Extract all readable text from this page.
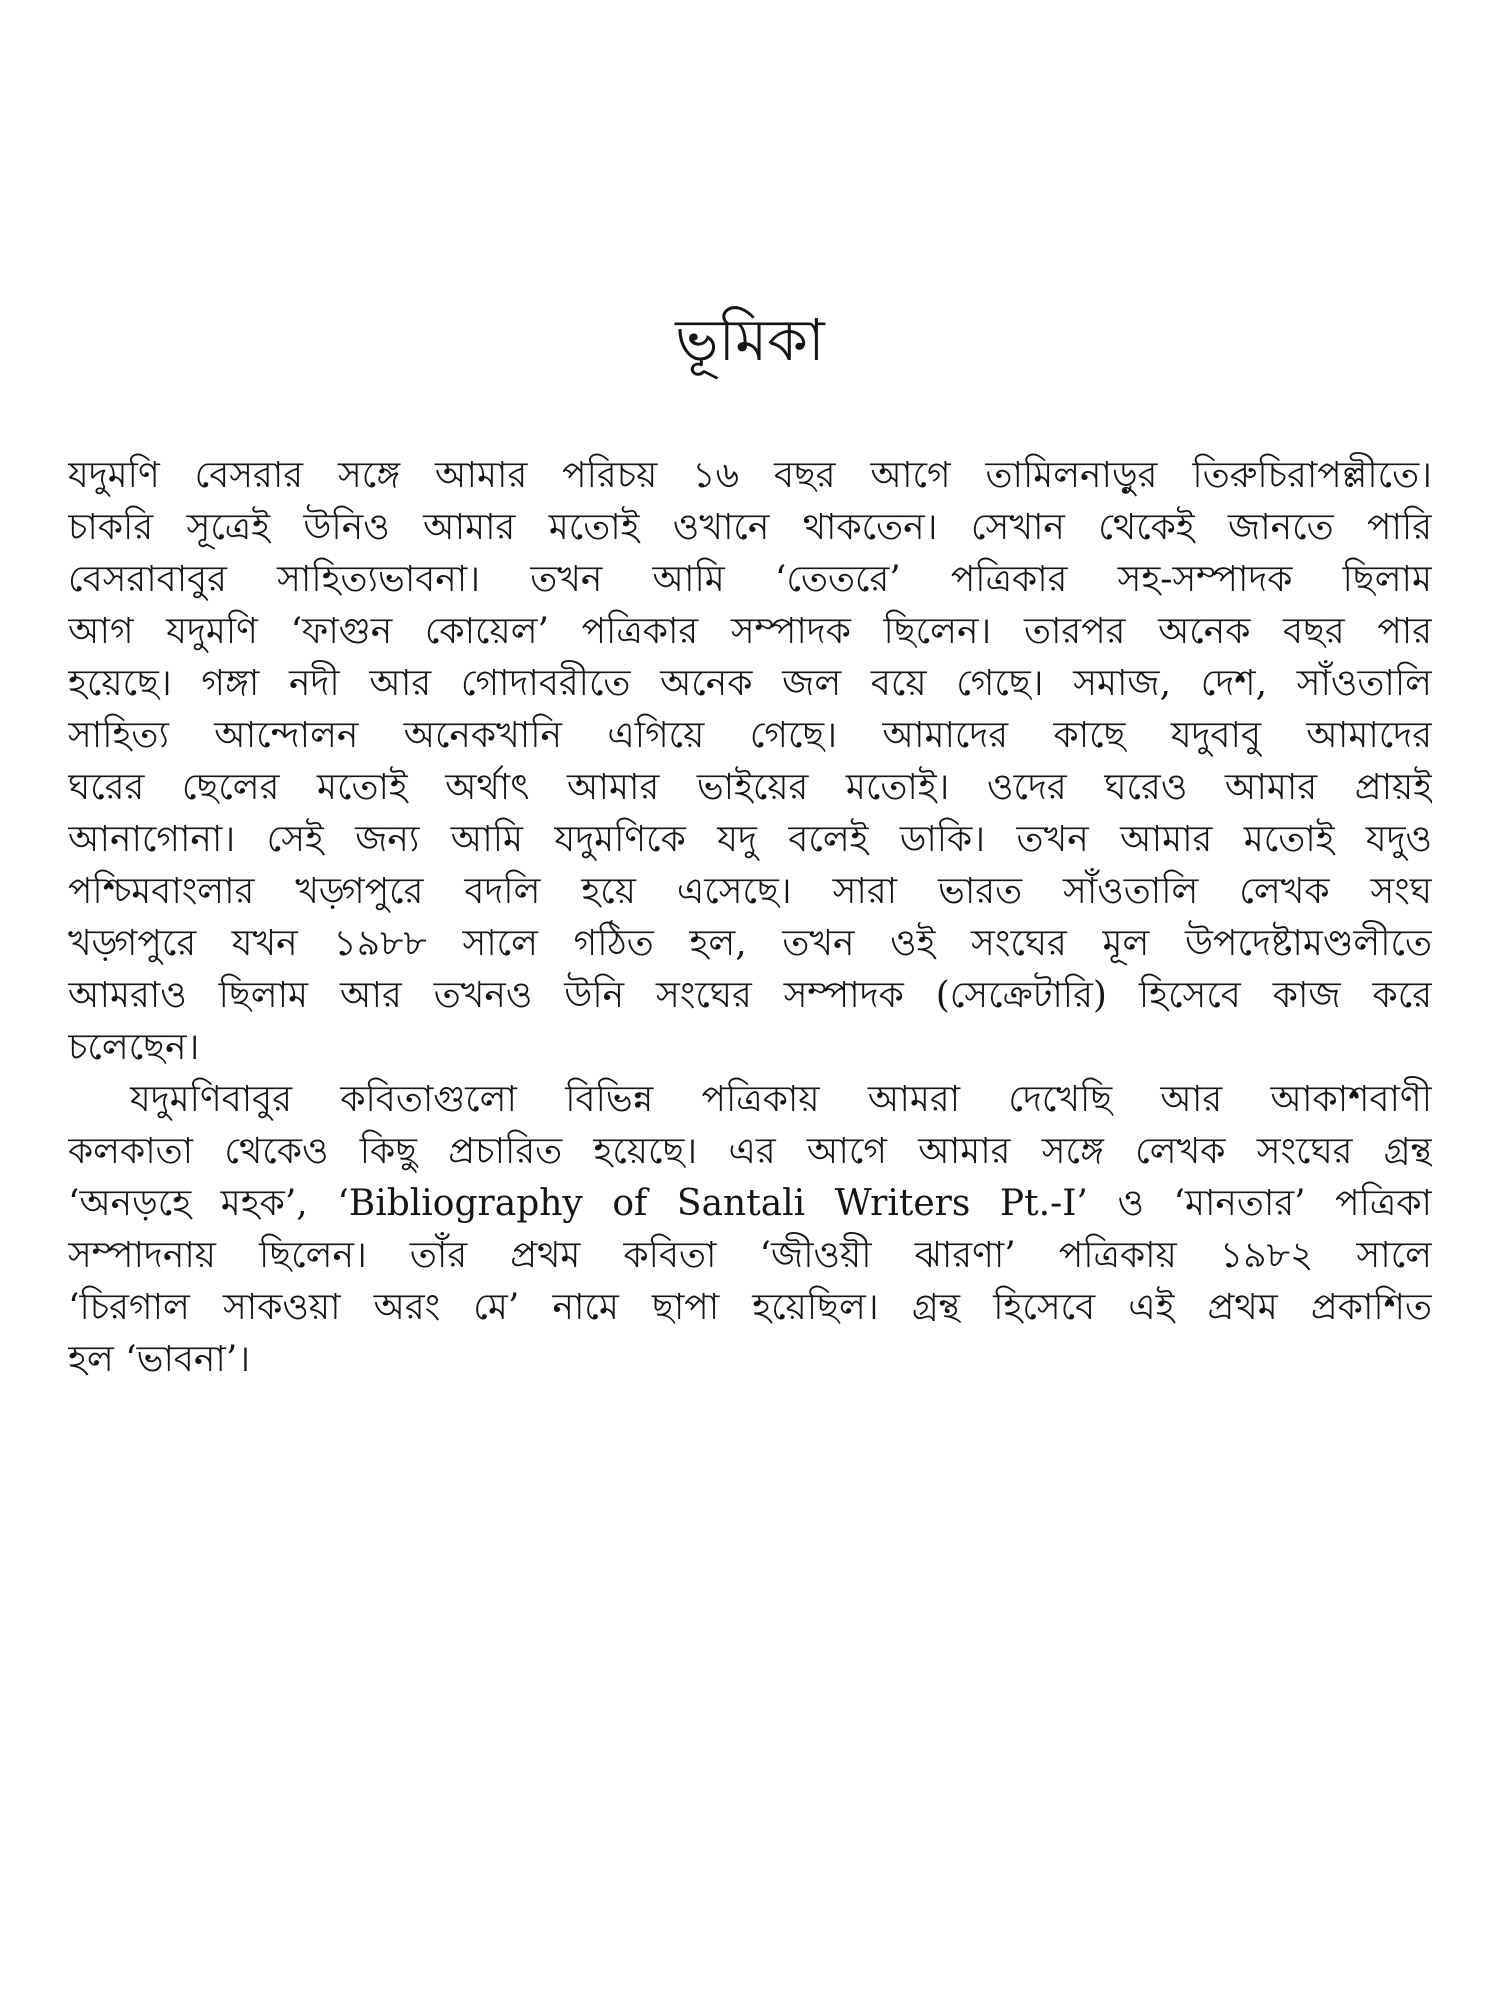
ভূমিকা
যদুমণি বেসরার সঙ্গে আমার পরিচয় ১৬ বছর আগে তামিলনাড়ুর তিরুচিরাপল্লীতে।
চাকরি সূত্রেই উনিও আমার মতোই ওখানে থাকতেন। সেখান থেকেই জানতে পারি
বেসরাবাবুর সাহিত্যভাবনা। তখন আমি ‘তেতরে’ পত্রিকার সহ-সম্পাদক ছিলাম
আগ যদুমণি ‘ফাগুন কোয়েল’ পত্রিকার সম্পাদক ছিলেন। তারপর অনেক বছর পার
হয়েছে। গঙ্গা নদী আর গোদাবরীতে অনেক জল বয়ে গেছে। সমাজ, দেশ, সাঁওতালি
সাহিত্য আন্দোলন অনেকখানি এগিয়ে গেছে। আমাদের কাছে যদুবাবু আমাদের
ঘরের ছেলের মতোই অর্থাৎ আমার ভাইয়ের মতোই। ওদের ঘরেও আমার প্রায়ই
আনাগোনা। সেই জন্য আমি যদুমণিকে যদু বলেই ডাকি। তখন আমার মতোই যদুও
পশ্চিমবাংলার খড়্গপুরে বদলি হয়ে এসেছে। সারা ভারত সাঁওতালি লেখক সংঘ
খড়্গপুরে যখন ১৯৮৮ সালে গঠিত হল, তখন ওই সংঘের মূল উপদেষ্টামণ্ডলীতে
আমরাও ছিলাম আর তখনও উনি সংঘের সম্পাদক (সেক্রেটারি) হিসেবে কাজ করে
চলেছেন।
যদুমণিবাবুর কবিতাগুলো বিভিন্ন পত্রিকায় আমরা দেখেছি আর আকাশবাণী
কলকাতা থেকেও কিছু প্রচারিত হয়েছে। এর আগে আমার সঙ্গে লেখক সংঘের গ্রন্থ
‘অনড়হে মহক’, ‘Bibliography of Santali Writers Pt.-I’ ও ‘মানতার’ পত্রিকা
সম্পাদনায় ছিলেন। তাঁর প্রথম কবিতা ‘জীওয়ী ঝারণা’ পত্রিকায় ১৯৮২ সালে
‘চিরগাল সাকওয়া অরং মে’ নামে ছাপা হয়েছিল। গ্রন্থ হিসেবে এই প্রথম প্রকাশিত
হল ‘ভাবনা’।
